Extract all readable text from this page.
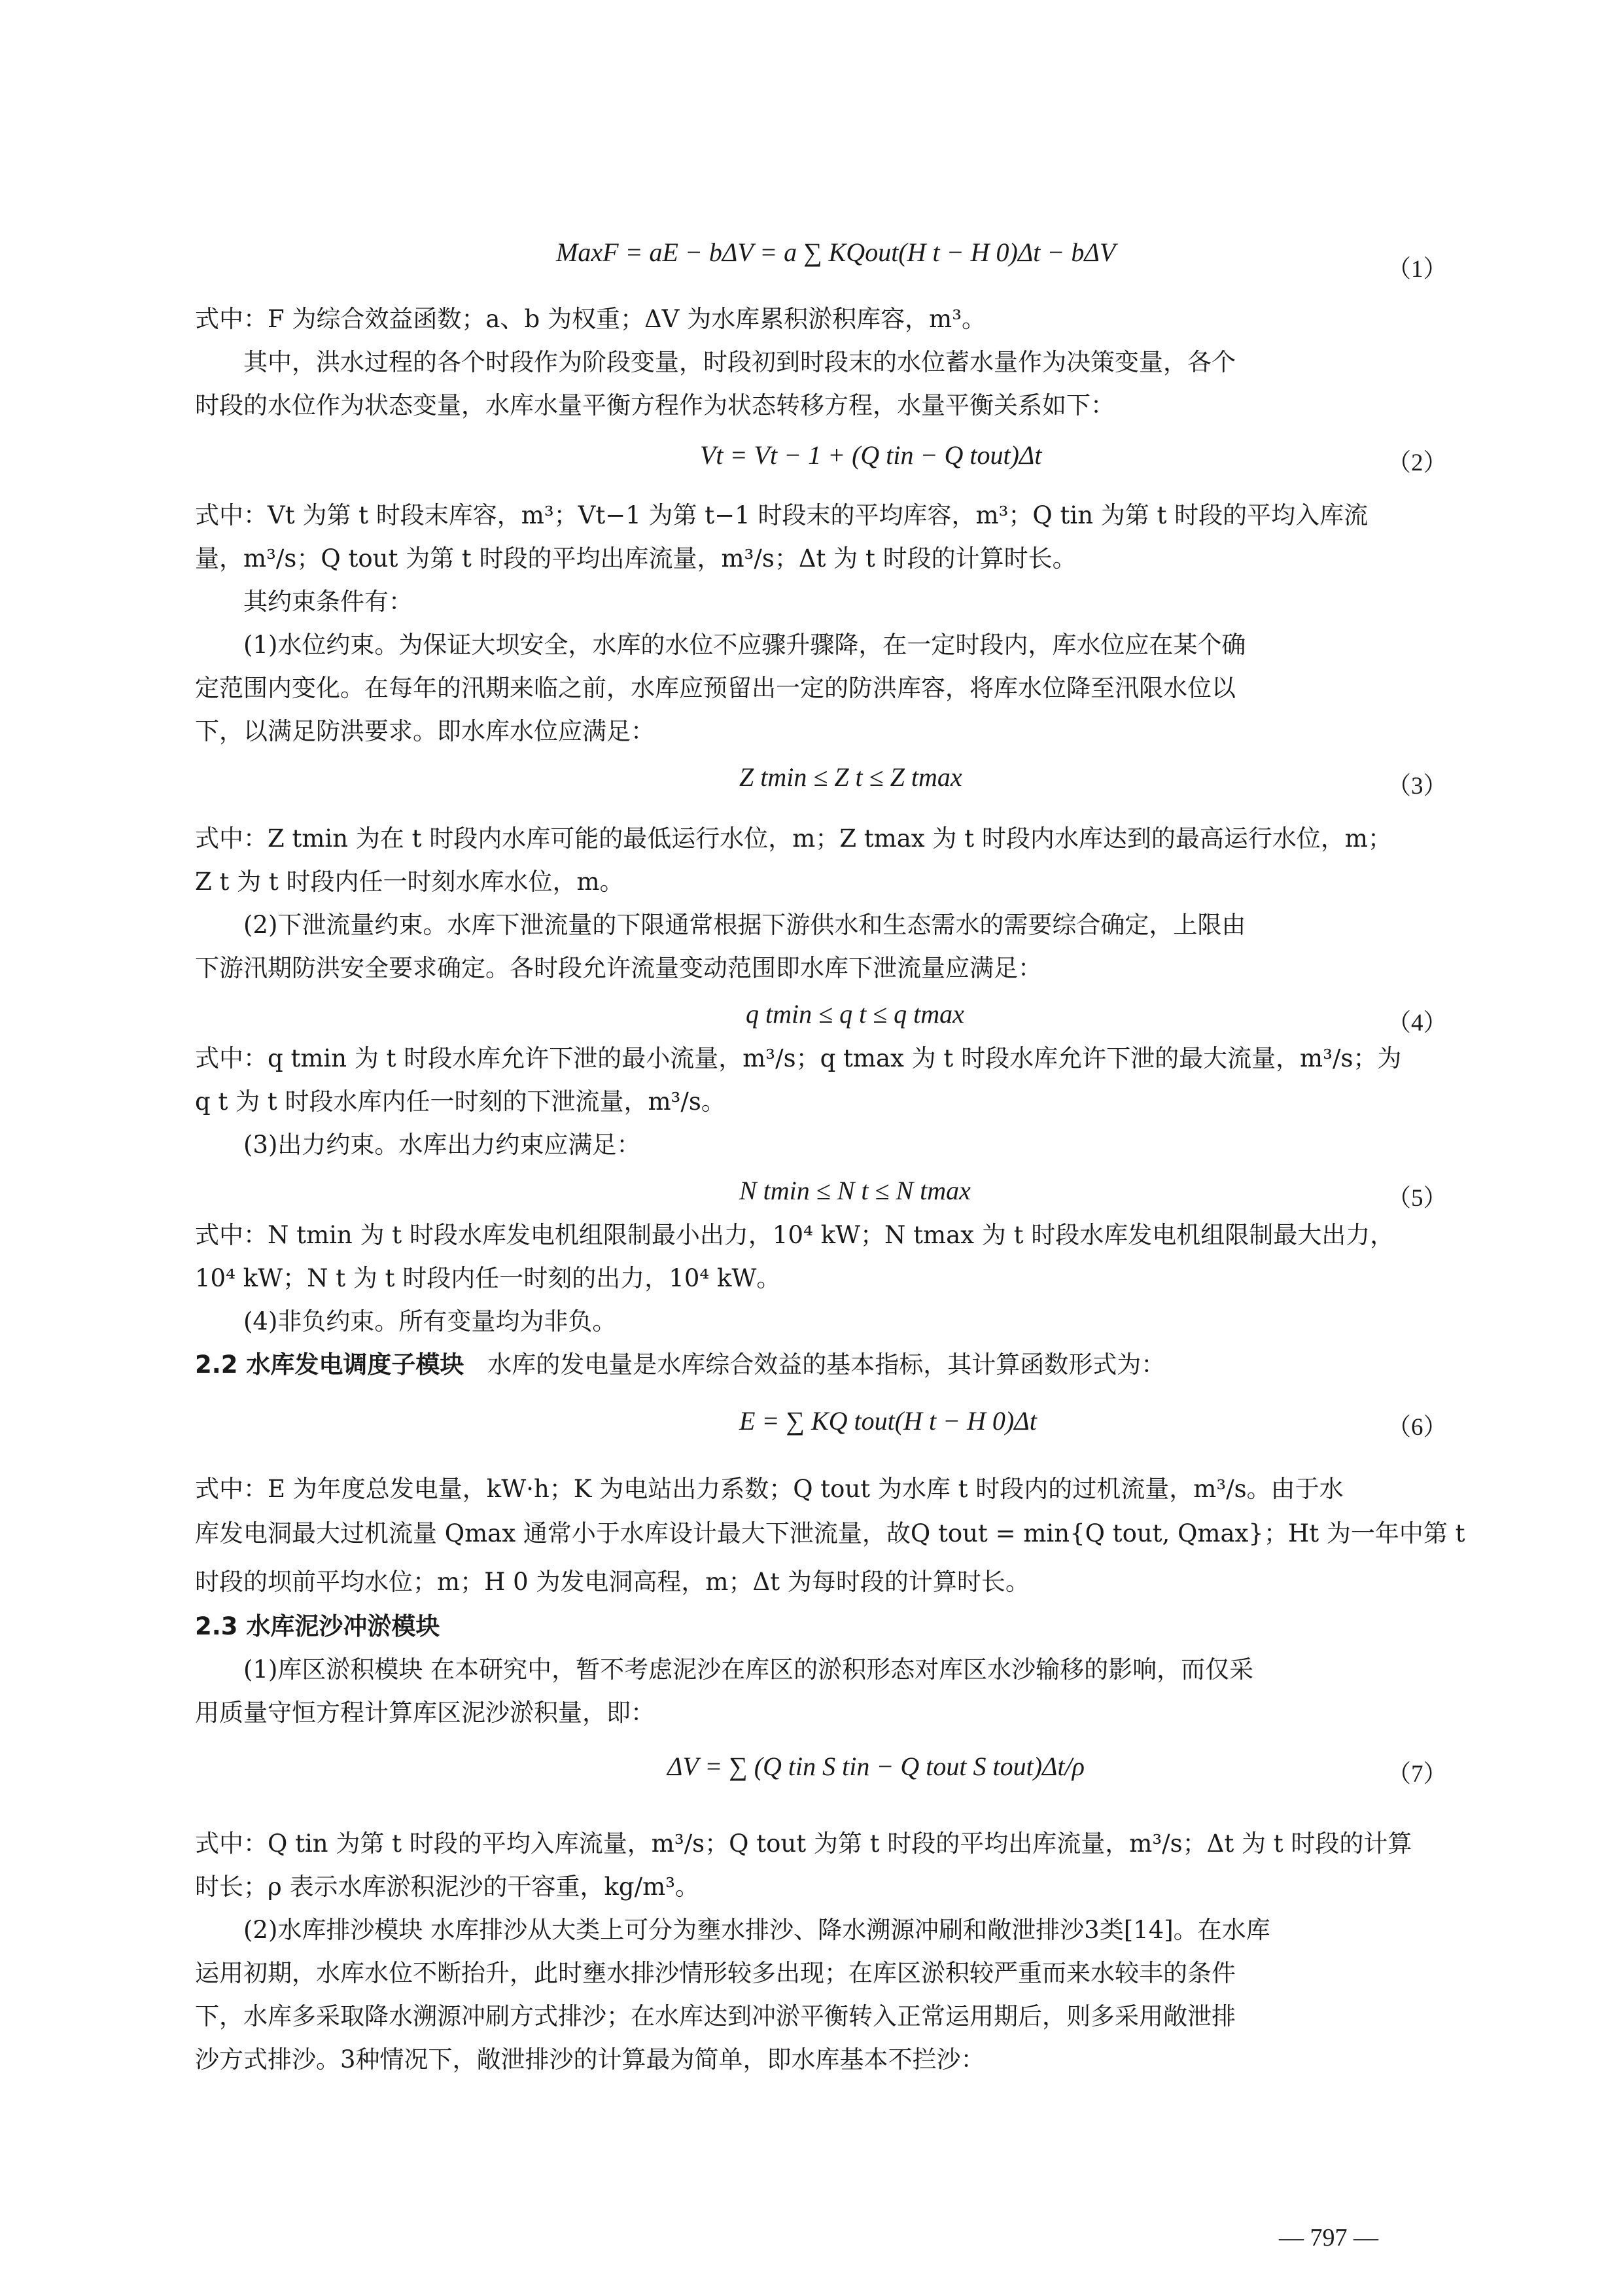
MaxF = aE − bΔV = a ∑ KQout(H t − H 0)Δt − bΔV
（1）
式中：F 为综合效益函数；a、b 为权重；ΔV 为水库累积淤积库容，m³。
其中，洪水过程的各个时段作为阶段变量，时段初到时段末的水位蓄水量作为决策变量，各个
时段的水位作为状态变量，水库水量平衡方程作为状态转移方程，水量平衡关系如下：
Vt = Vt − 1 + (Q tin − Q tout)Δt	（2）
式中：Vt 为第 t 时段末库容，m³；Vt−1 为第 t−1 时段末的平均库容，m³；Q tin 为第 t 时段的平均入库流
量，m³/s；Q tout 为第 t 时段的平均出库流量，m³/s；Δt 为 t 时段的计算时长。
其约束条件有：
(1)水位约束。为保证大坝安全，水库的水位不应骤升骤降，在一定时段内，库水位应在某个确
定范围内变化。在每年的汛期来临之前，水库应预留出一定的防洪库容，将库水位降至汛限水位以
下，以满足防洪要求。即水库水位应满足：
Z tmin ≤ Z t ≤ Z tmax	（3）
式中：Z tmin 为在 t 时段内水库可能的最低运行水位，m；Z tmax 为 t 时段内水库达到的最高运行水位，m；
Z t 为 t 时段内任一时刻水库水位，m。
(2)下泄流量约束。水库下泄流量的下限通常根据下游供水和生态需水的需要综合确定，上限由
下游汛期防洪安全要求确定。各时段允许流量变动范围即水库下泄流量应满足：
q tmin ≤ q t ≤ q tmax	（4）
式中：q tmin 为 t 时段水库允许下泄的最小流量，m³/s；q tmax 为 t 时段水库允许下泄的最大流量，m³/s；为
q t 为 t 时段水库内任一时刻的下泄流量，m³/s。
(3)出力约束。水库出力约束应满足：
N tmin ≤ N t ≤ N tmax	（5）
式中：N tmin 为 t 时段水库发电机组限制最小出力，10⁴ kW；N tmax 为 t 时段水库发电机组限制最大出力，
10⁴ kW；N t 为 t 时段内任一时刻的出力，10⁴ kW。
(4)非负约束。所有变量均为非负。
2.2 水库发电调度子模块 水库的发电量是水库综合效益的基本指标，其计算函数形式为：
E = ∑ KQ tout(H t − H 0)Δt	（6）
式中：E 为年度总发电量，kW·h；K 为电站出力系数；Q tout 为水库 t 时段内的过机流量，m³/s。由于水
库发电洞最大过机流量 Qmax 通常小于水库设计最大下泄流量，故Q tout = min{Q tout, Qmax}；Ht 为一年中第 t
时段的坝前平均水位；m；H 0 为发电洞高程，m；Δt 为每时段的计算时长。
2.3 水库泥沙冲淤模块
(1)库区淤积模块 在本研究中，暂不考虑泥沙在库区的淤积形态对库区水沙输移的影响，而仅采
用质量守恒方程计算库区泥沙淤积量，即：
ΔV = ∑ (Q tin S tin − Q tout S tout)Δt/ρ	（7）
式中：Q tin 为第 t 时段的平均入库流量，m³/s；Q tout 为第 t 时段的平均出库流量，m³/s；Δt 为 t 时段的计算
时长；ρ 表示水库淤积泥沙的干容重，kg/m³。
(2)水库排沙模块 水库排沙从大类上可分为壅水排沙、降水溯源冲刷和敞泄排沙3类[14]。在水库
运用初期，水库水位不断抬升，此时壅水排沙情形较多出现；在库区淤积较严重而来水较丰的条件
下，水库多采取降水溯源冲刷方式排沙；在水库达到冲淤平衡转入正常运用期后，则多采用敞泄排
沙方式排沙。3种情况下，敞泄排沙的计算最为简单，即水库基本不拦沙：
— 797 —
